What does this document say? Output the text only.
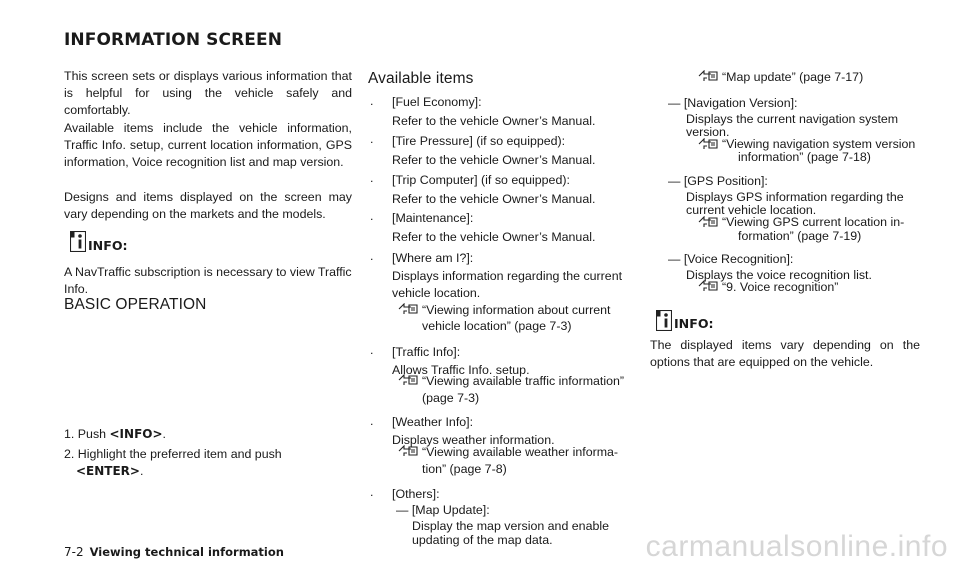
INFORMATION SCREEN

This screen sets or displays various information that is helpful for using the vehicle safely and comfortably.

Available items include the vehicle information, Traffic Info. setup, current location information, GPS information, Voice recognition list and map version.

Designs and items displayed on the screen may vary depending on the markets and the models.

INFO:

A NavTraffic subscription is necessary to view Traffic Info.

BASIC OPERATION
1. Push <INFO>.
2. Highlight the preferred item and push
<ENTER>.
Available items
. [Fuel Economy]:
Refer to the vehicle Owner’s Manual.
. [Tire Pressure] (if so equipped):
Refer to the vehicle Owner’s Manual.
. [Trip Computer] (if so equipped):
Refer to the vehicle Owner’s Manual.
. [Maintenance]:
Refer to the vehicle Owner’s Manual.
. [Where am I?]:
Displays information regarding the current
vehicle location.
“Viewing information about current
vehicle location” (page 7-3)
. [Traffic Info]:
Allows Traffic Info. setup.
“Viewing available traffic information”
(page 7-3)
. [Weather Info]:
Displays weather information.
“Viewing available weather informa-
tion” (page 7-8)
. [Others]:
— [Map Update]:
Display the map version and enable
updating of the map data.
“Map update” (page 7-17)
— [Navigation Version]:
Displays the current navigation system
version.
“Viewing navigation system version
information” (page 7-18)
— [GPS Position]:
Displays GPS information regarding the
current vehicle location.
“Viewing GPS current location in-
formation” (page 7-19)
— [Voice Recognition]:
Displays the voice recognition list.
“9. Voice recognition”
INFO:

The displayed items vary depending on the options that are equipped on the vehicle.

7-2 Viewing technical information	carmanualsonline.info
